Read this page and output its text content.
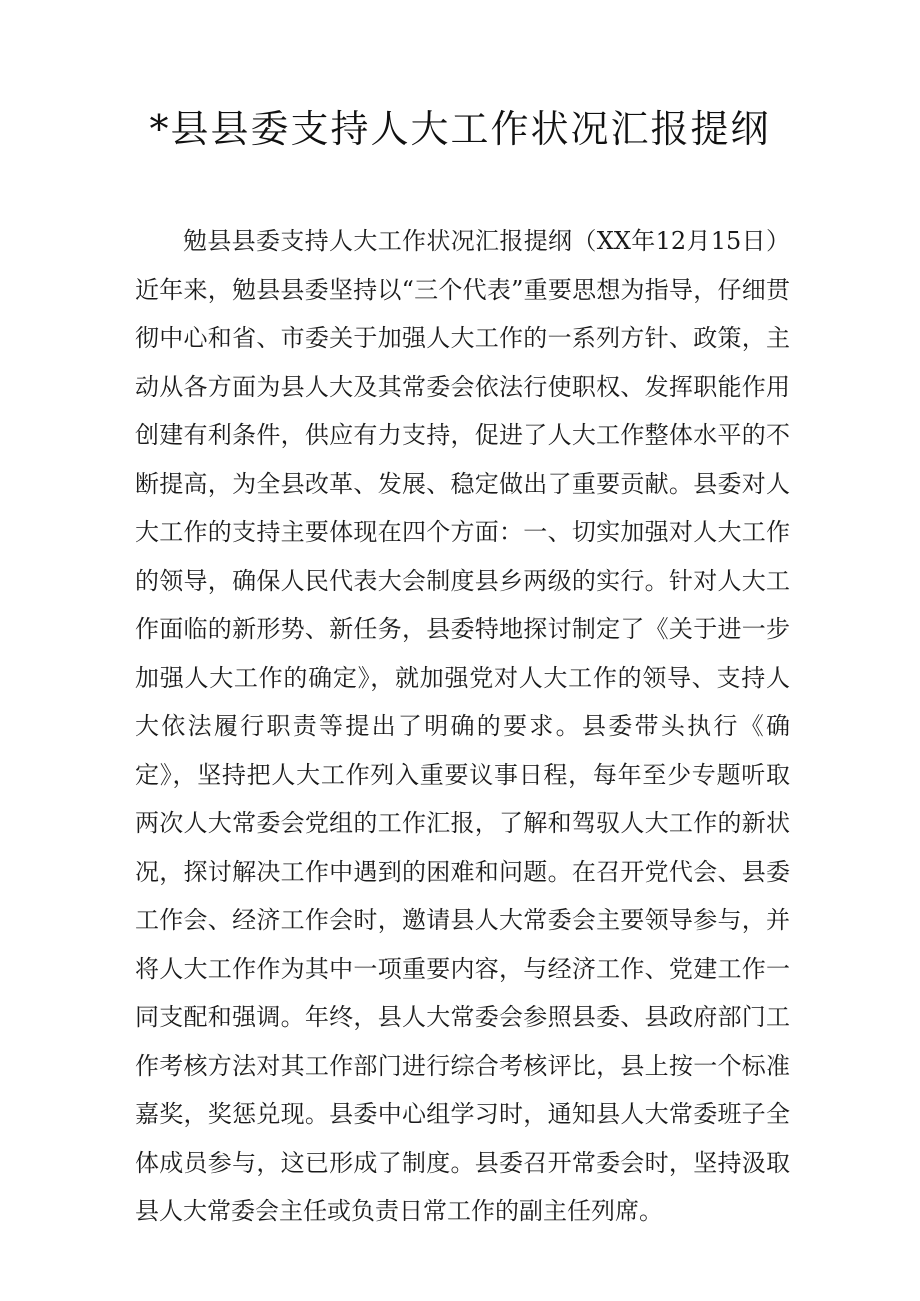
*县县委支持人大工作状况汇报提纲

勉县县委支持人大工作状况汇报提纲（XX年12月15日）近年来，勉县县委坚持以“三个代表”重要思想为指导，仔细贯彻中心和省、市委关于加强人大工作的一系列方针、政策，主动从各方面为县人大及其常委会依法行使职权、发挥职能作用创建有利条件，供应有力支持，促进了人大工作整体水平的不断提高，为全县改革、发展、稳定做出了重要贡献。县委对人大工作的支持主要体现在四个方面：一、切实加强对人大工作的领导，确保人民代表大会制度县乡两级的实行。针对人大工作面临的新形势、新任务，县委特地探讨制定了《关于进一步加强人大工作的确定》，就加强党对人大工作的领导、支持人大依法履行职责等提出了明确的要求。县委带头执行《确定》，坚持把人大工作列入重要议事日程，每年至少专题听取两次人大常委会党组的工作汇报，了解和驾驭人大工作的新状况，探讨解决工作中遇到的困难和问题。在召开党代会、县委工作会、经济工作会时，邀请县人大常委会主要领导参与，并将人大工作作为其中一项重要内容，与经济工作、党建工作一同支配和强调。年终，县人大常委会参照县委、县政府部门工作考核方法对其工作部门进行综合考核评比，县上按一个标准嘉奖，奖惩兑现。县委中心组学习时，通知县人大常委班子全体成员参与，这已形成了制度。县委召开常委会时，坚持汲取县人大常委会主任或负责日常工作的副主任列席。
